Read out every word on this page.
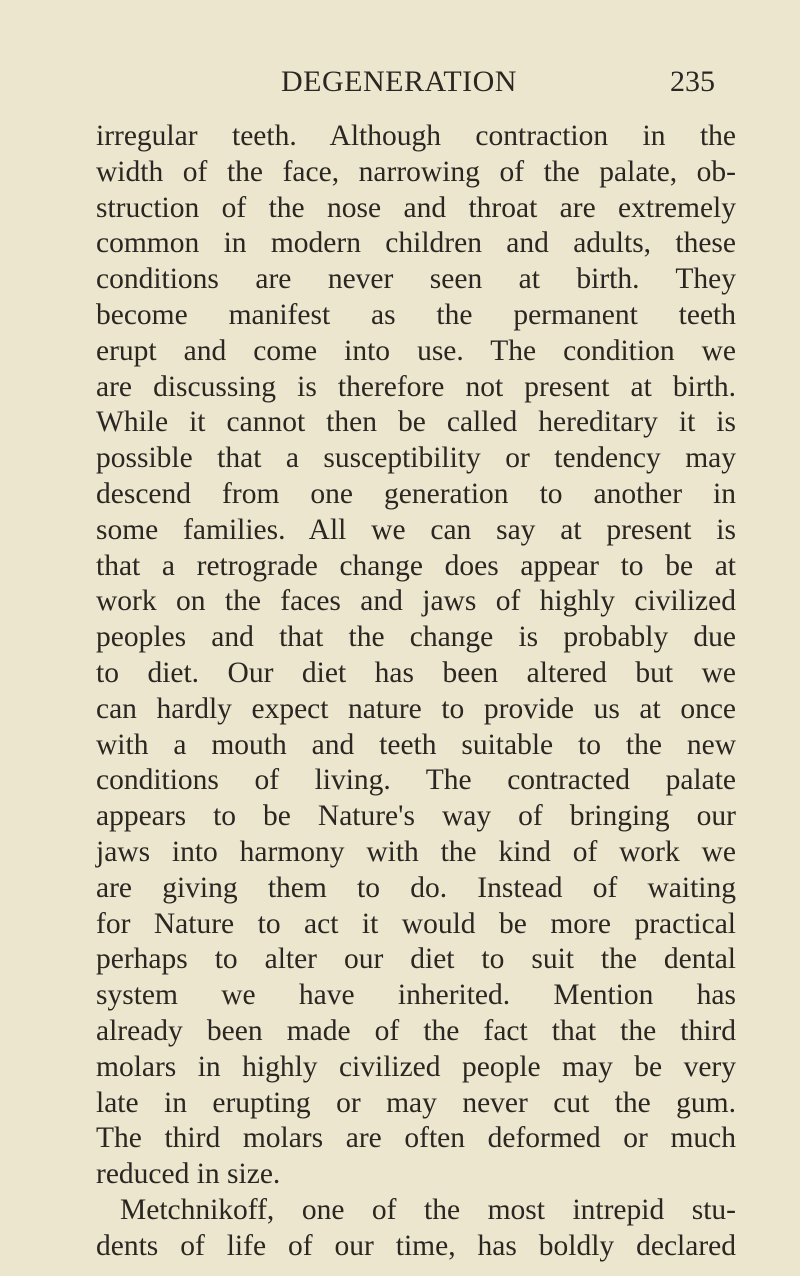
DEGENERATION	235
irregular teeth. Although contraction in the
width of the face, narrowing of the palate, ob-
struction of the nose and throat are extremely
common in modern children and adults, these
conditions are never seen at birth. They
become manifest as the permanent teeth
erupt and come into use. The condition we
are discussing is therefore not present at birth.
While it cannot then be called hereditary it is
possible that a susceptibility or tendency may
descend from one generation to another in
some families. All we can say at present is
that a retrograde change does appear to be at
work on the faces and jaws of highly civilized
peoples and that the change is probably due
to diet. Our diet has been altered but we
can hardly expect nature to provide us at once
with a mouth and teeth suitable to the new
conditions of living. The contracted palate
appears to be Nature's way of bringing our
jaws into harmony with the kind of work we
are giving them to do. Instead of waiting
for Nature to act it would be more practical
perhaps to alter our diet to suit the dental
system we have inherited. Mention has
already been made of the fact that the third
molars in highly civilized people may be very
late in erupting or may never cut the gum.
The third molars are often deformed or much
reduced in size.
Metchnikoff, one of the most intrepid stu-
dents of life of our time, has boldly declared
